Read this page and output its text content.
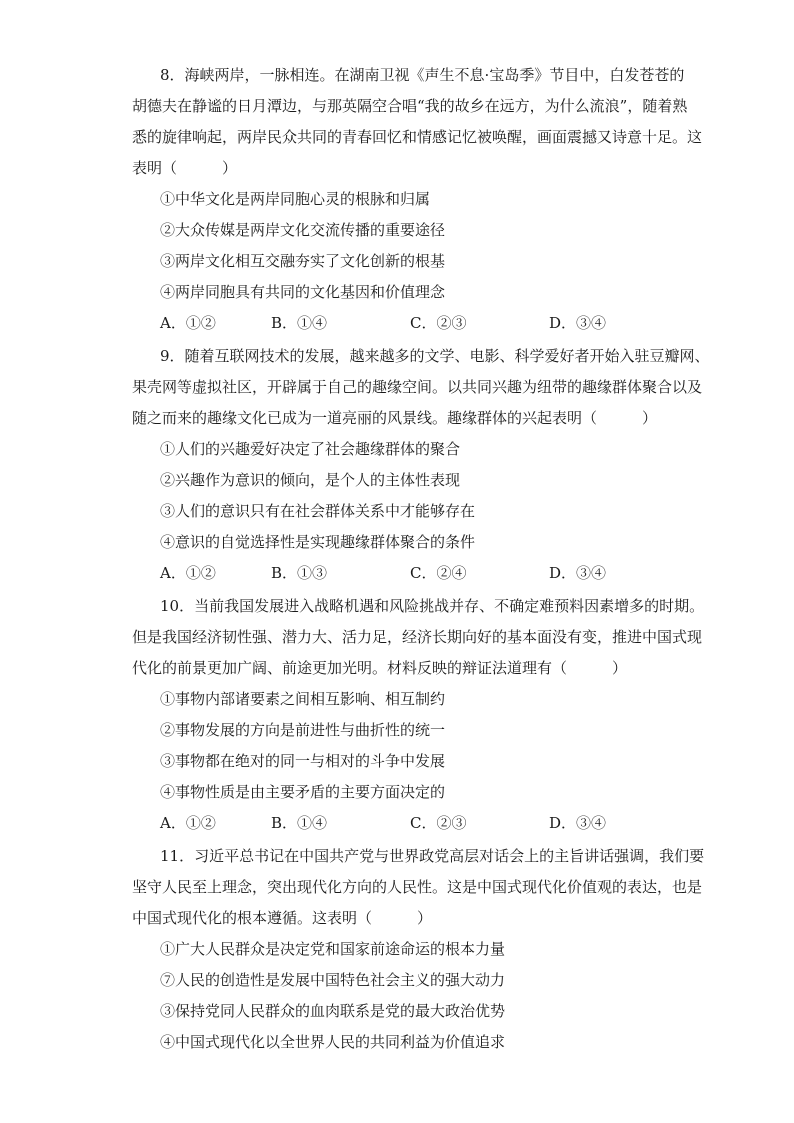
8．海峡两岸，一脉相连。在湖南卫视《声生不息·宝岛季》节目中，白发苍苍的
胡德夫在静谧的日月潭边，与那英隔空合唱“我的故乡在远方，为什么流浪”，随着熟
悉的旋律响起，两岸民众共同的青春回忆和情感记忆被唤醒，画面震撼又诗意十足。这
表明（　　　）
①中华文化是两岸同胞心灵的根脉和归属
②大众传媒是两岸文化交流传播的重要途径
③两岸文化相互交融夯实了文化创新的根基
④两岸同胞具有共同的文化基因和价值理念
A．①②	B．①④	C．②③	D．③④
9．随着互联网技术的发展，越来越多的文学、电影、科学爱好者开始入驻豆瓣网、
果壳网等虚拟社区，开辟属于自己的趣缘空间。以共同兴趣为纽带的趣缘群体聚合以及
随之而来的趣缘文化已成为一道亮丽的风景线。趣缘群体的兴起表明（　　　）
①人们的兴趣爱好决定了社会趣缘群体的聚合
②兴趣作为意识的倾向，是个人的主体性表现
③人们的意识只有在社会群体关系中才能够存在
④意识的自觉选择性是实现趣缘群体聚合的条件
A．①②	B．①③	C．②④	D．③④
10．当前我国发展进入战略机遇和风险挑战并存、不确定难预料因素增多的时期。
但是我国经济韧性强、潜力大、活力足，经济长期向好的基本面没有变，推进中国式现
代化的前景更加广阔、前途更加光明。材料反映的辩证法道理有（　　　）
①事物内部诸要素之间相互影响、相互制约
②事物发展的方向是前进性与曲折性的统一
③事物都在绝对的同一与相对的斗争中发展
④事物性质是由主要矛盾的主要方面决定的
A．①②	B．①④	C．②③	D．③④
11．习近平总书记在中国共产党与世界政党高层对话会上的主旨讲话强调，我们要
坚守人民至上理念，突出现代化方向的人民性。这是中国式现代化价值观的表达，也是
中国式现代化的根本遵循。这表明（　　　）
①广大人民群众是决定党和国家前途命运的根本力量
⑦人民的创造性是发展中国特色社会主义的强大动力
③保持党同人民群众的血肉联系是党的最大政治优势
④中国式现代化以全世界人民的共同利益为价值追求
